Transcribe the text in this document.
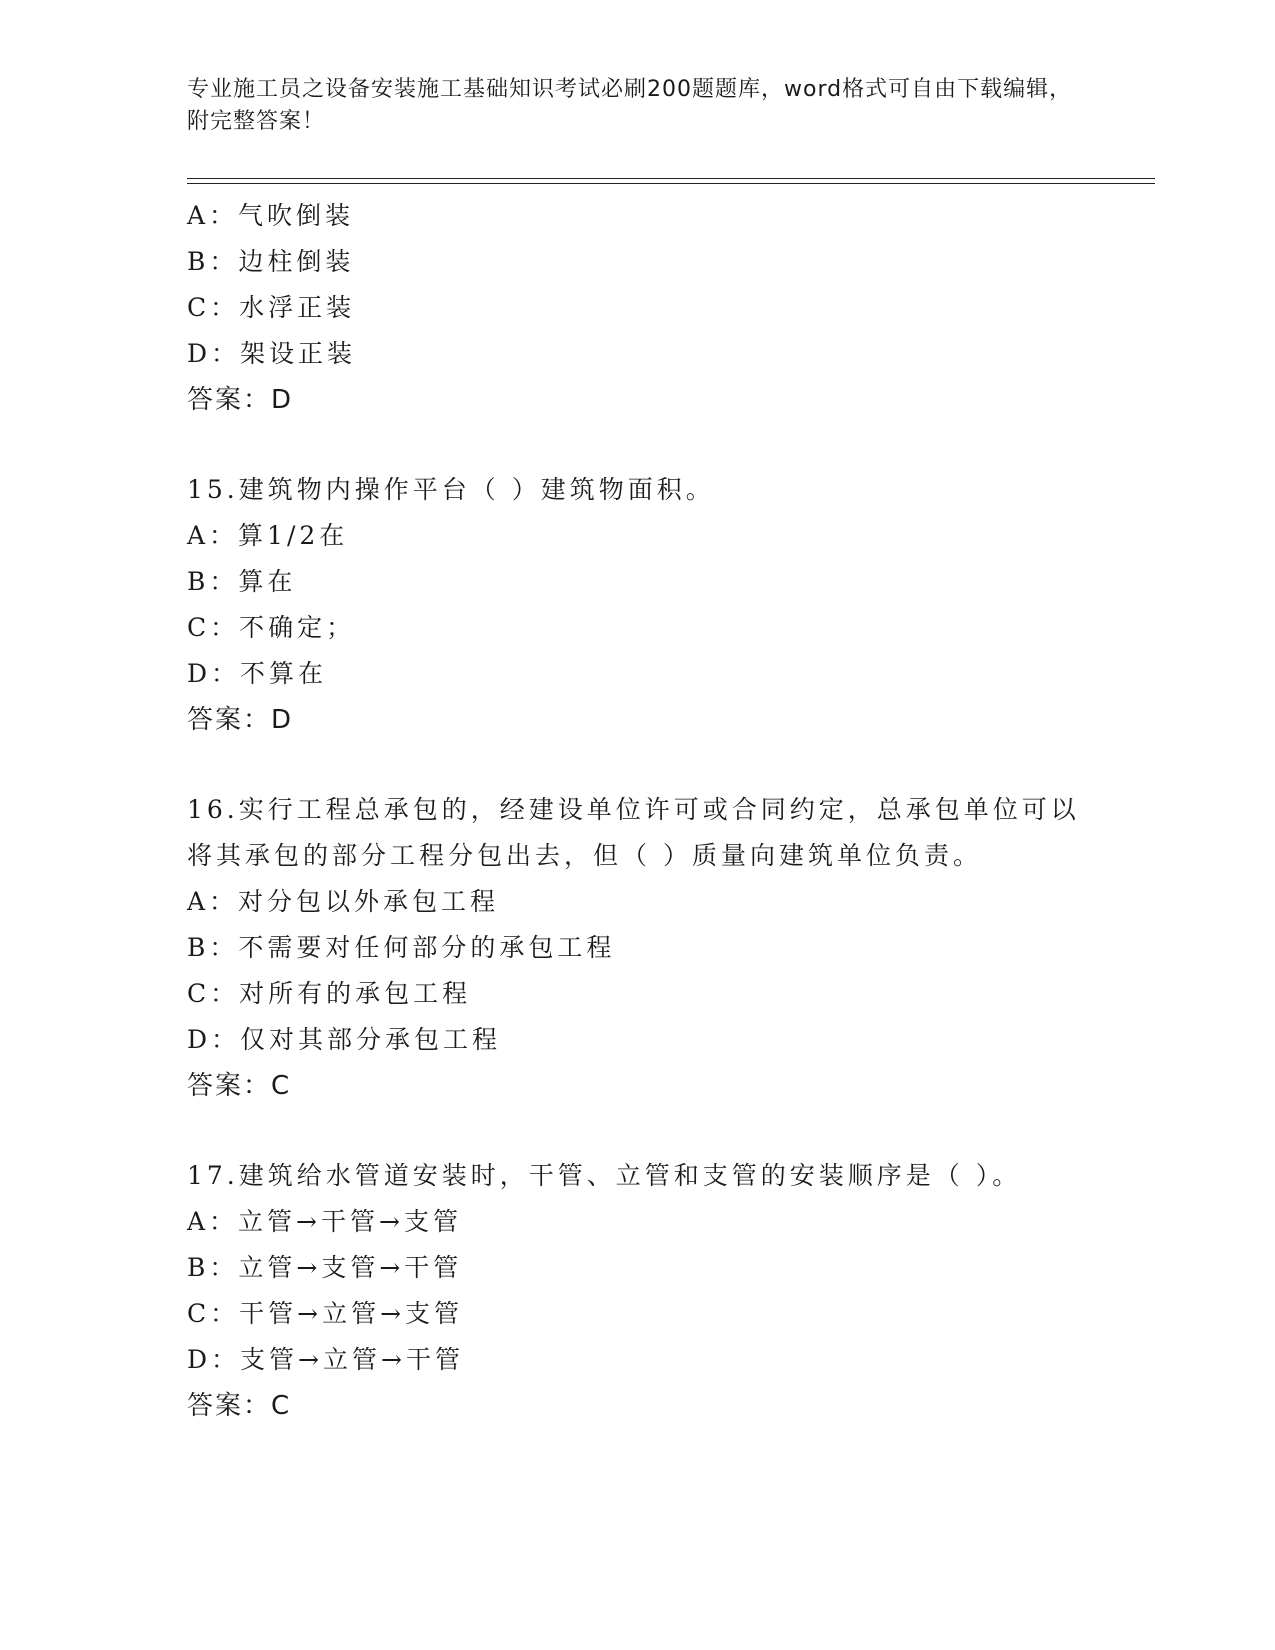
专业施工员之设备安装施工基础知识考试必刷200题题库，word格式可自由下载编辑，附完整答案！
A：气吹倒装
B：边柱倒装
C：水浮正装
D：架设正装
答案：D
15.建筑物内操作平台（ ）建筑物面积。
A：算1/2在
B：算在
C：不确定；
D：不算在
答案：D
16.实行工程总承包的，经建设单位许可或合同约定，总承包单位可以将其承包的部分工程分包出去，但（ ）质量向建筑单位负责。
A：对分包以外承包工程
B：不需要对任何部分的承包工程
C：对所有的承包工程
D：仅对其部分承包工程
答案：C
17.建筑给水管道安装时，干管、立管和支管的安装顺序是（ ）。
A：立管→干管→支管
B：立管→支管→干管
C：干管→立管→支管
D：支管→立管→干管
答案：C
